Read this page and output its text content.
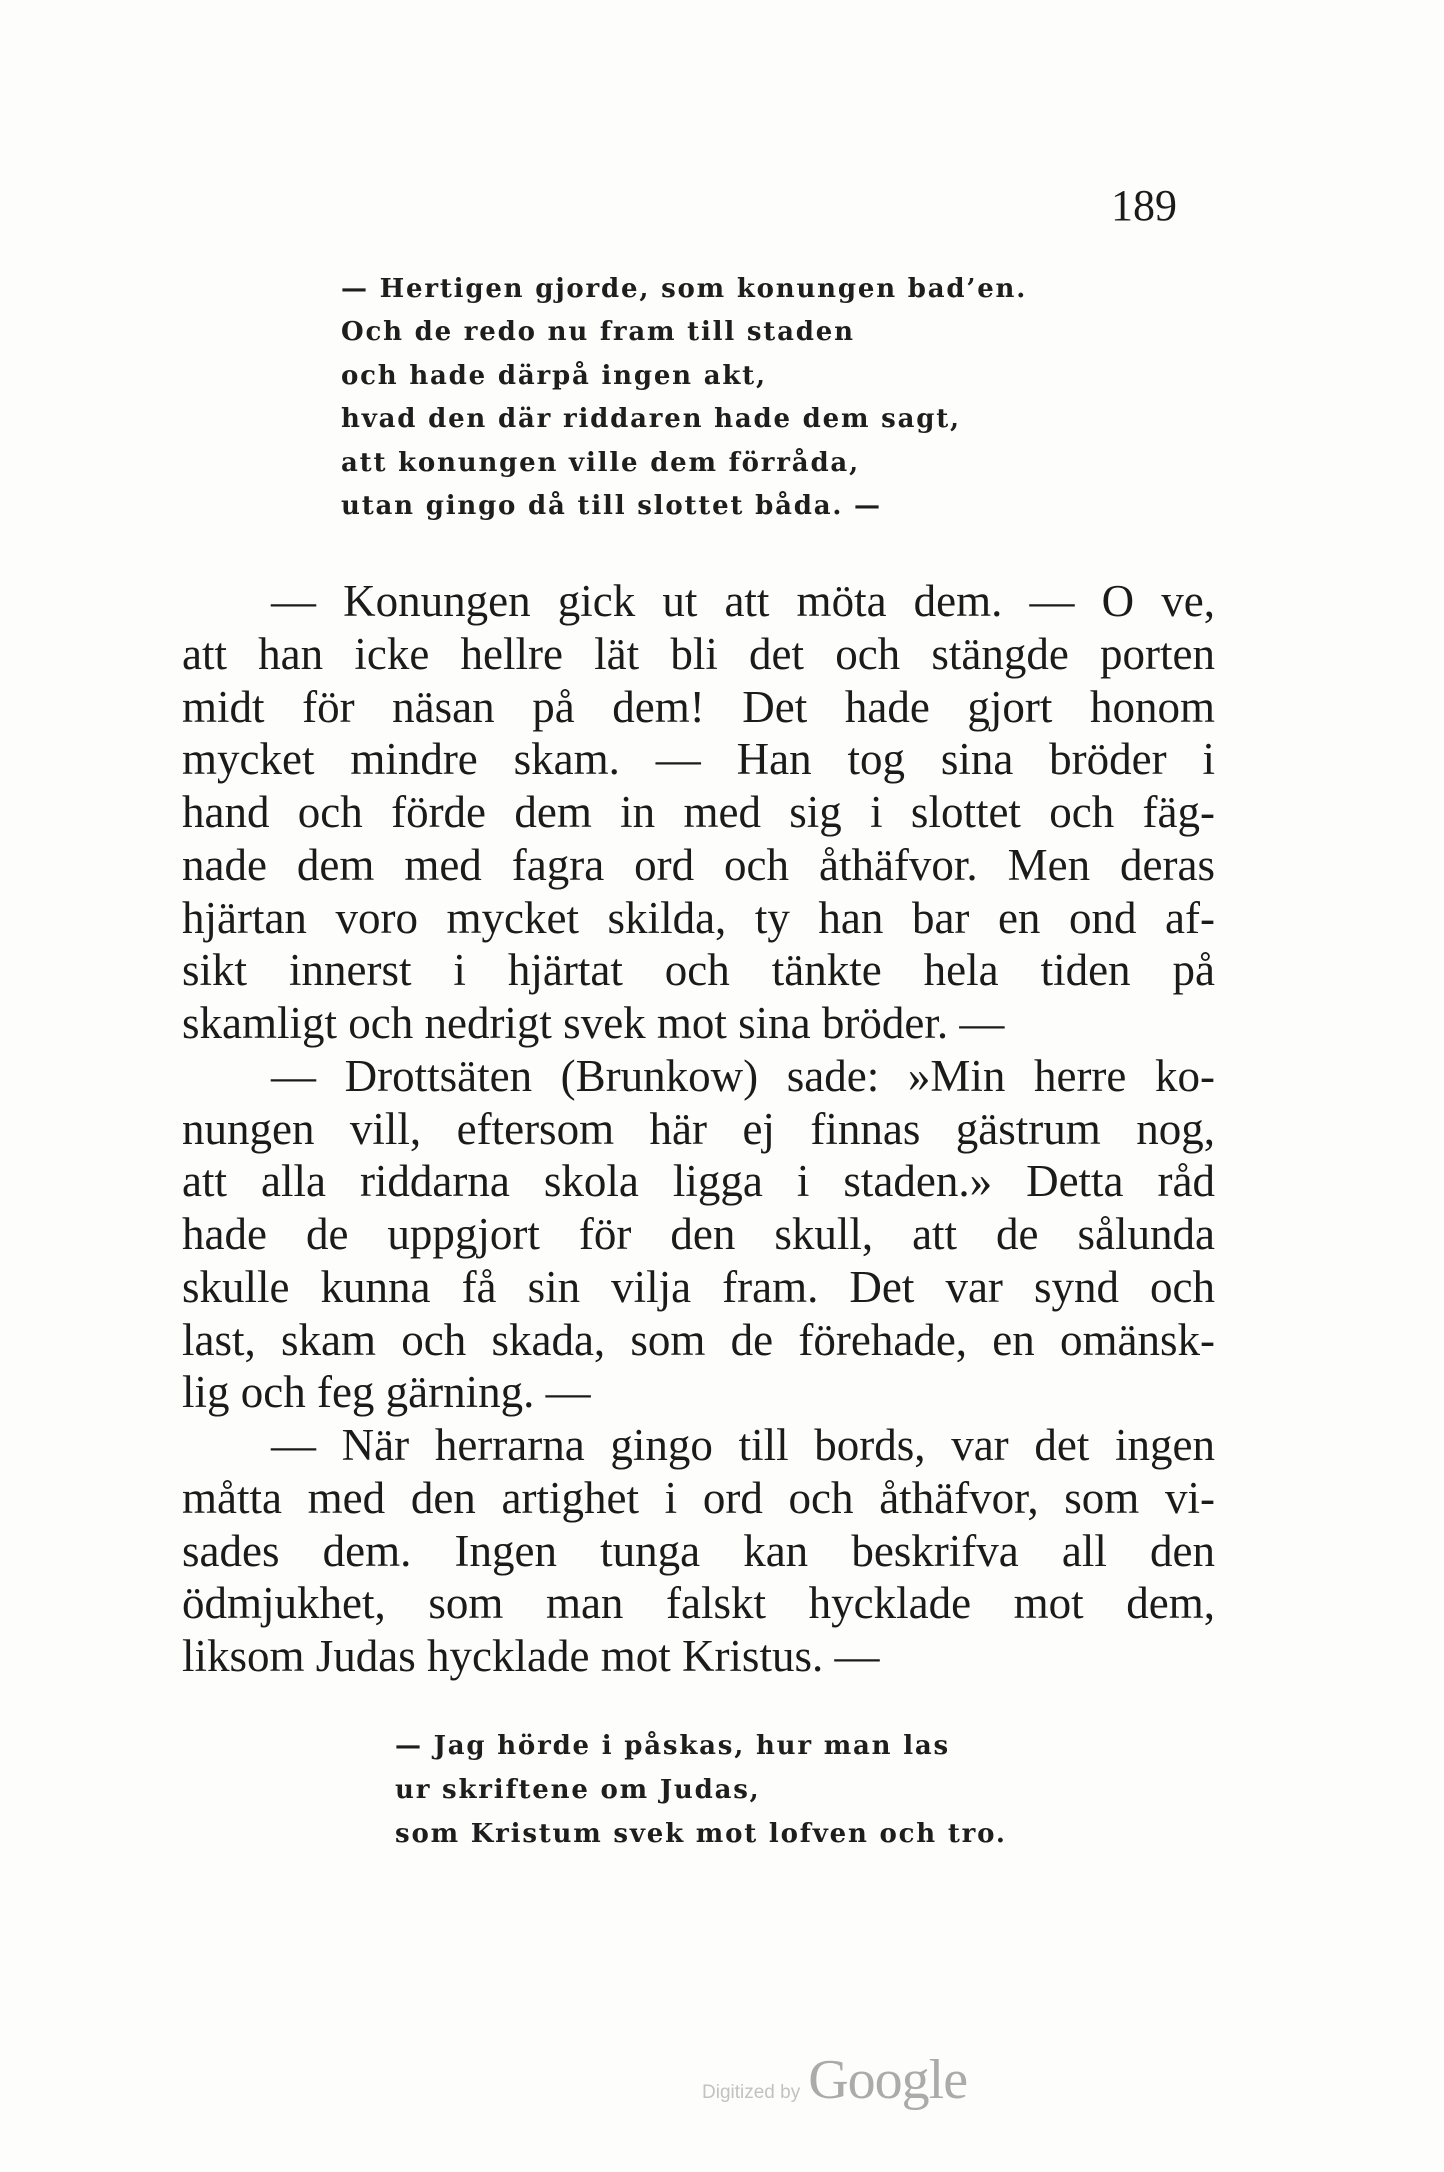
189
— Hertigen gjorde, som konungen bad’en.
Och de redo nu fram till staden
och hade därpå ingen akt,
hvad den där riddaren hade dem sagt,
att konungen ville dem förråda,
utan gingo då till slottet båda. —
— Konungen gick ut att möta dem. — O ve,
att han icke hellre lät bli det och stängde porten
midt för näsan på dem! Det hade gjort honom
mycket mindre skam. — Han tog sina bröder i
hand och förde dem in med sig i slottet och fäg-
nade dem med fagra ord och åthäfvor. Men deras
hjärtan voro mycket skilda, ty han bar en ond af-
sikt innerst i hjärtat och tänkte hela tiden på
skamligt och nedrigt svek mot sina bröder. —
— Drottsäten (Brunkow) sade: »Min herre ko-
nungen vill, eftersom här ej finnas gästrum nog,
att alla riddarna skola ligga i staden.» Detta råd
hade de uppgjort för den skull, att de sålunda
skulle kunna få sin vilja fram. Det var synd och
last, skam och skada, som de förehade, en omänsk-
lig och feg gärning. —
— När herrarna gingo till bords, var det ingen
måtta med den artighet i ord och åthäfvor, som vi-
sades dem. Ingen tunga kan beskrifva all den
ödmjukhet, som man falskt hycklade mot dem,
liksom Judas hycklade mot Kristus. —
— Jag hörde i påskas, hur man las
ur skriftene om Judas,
som Kristum svek mot lofven och tro.
Digitized by Google
